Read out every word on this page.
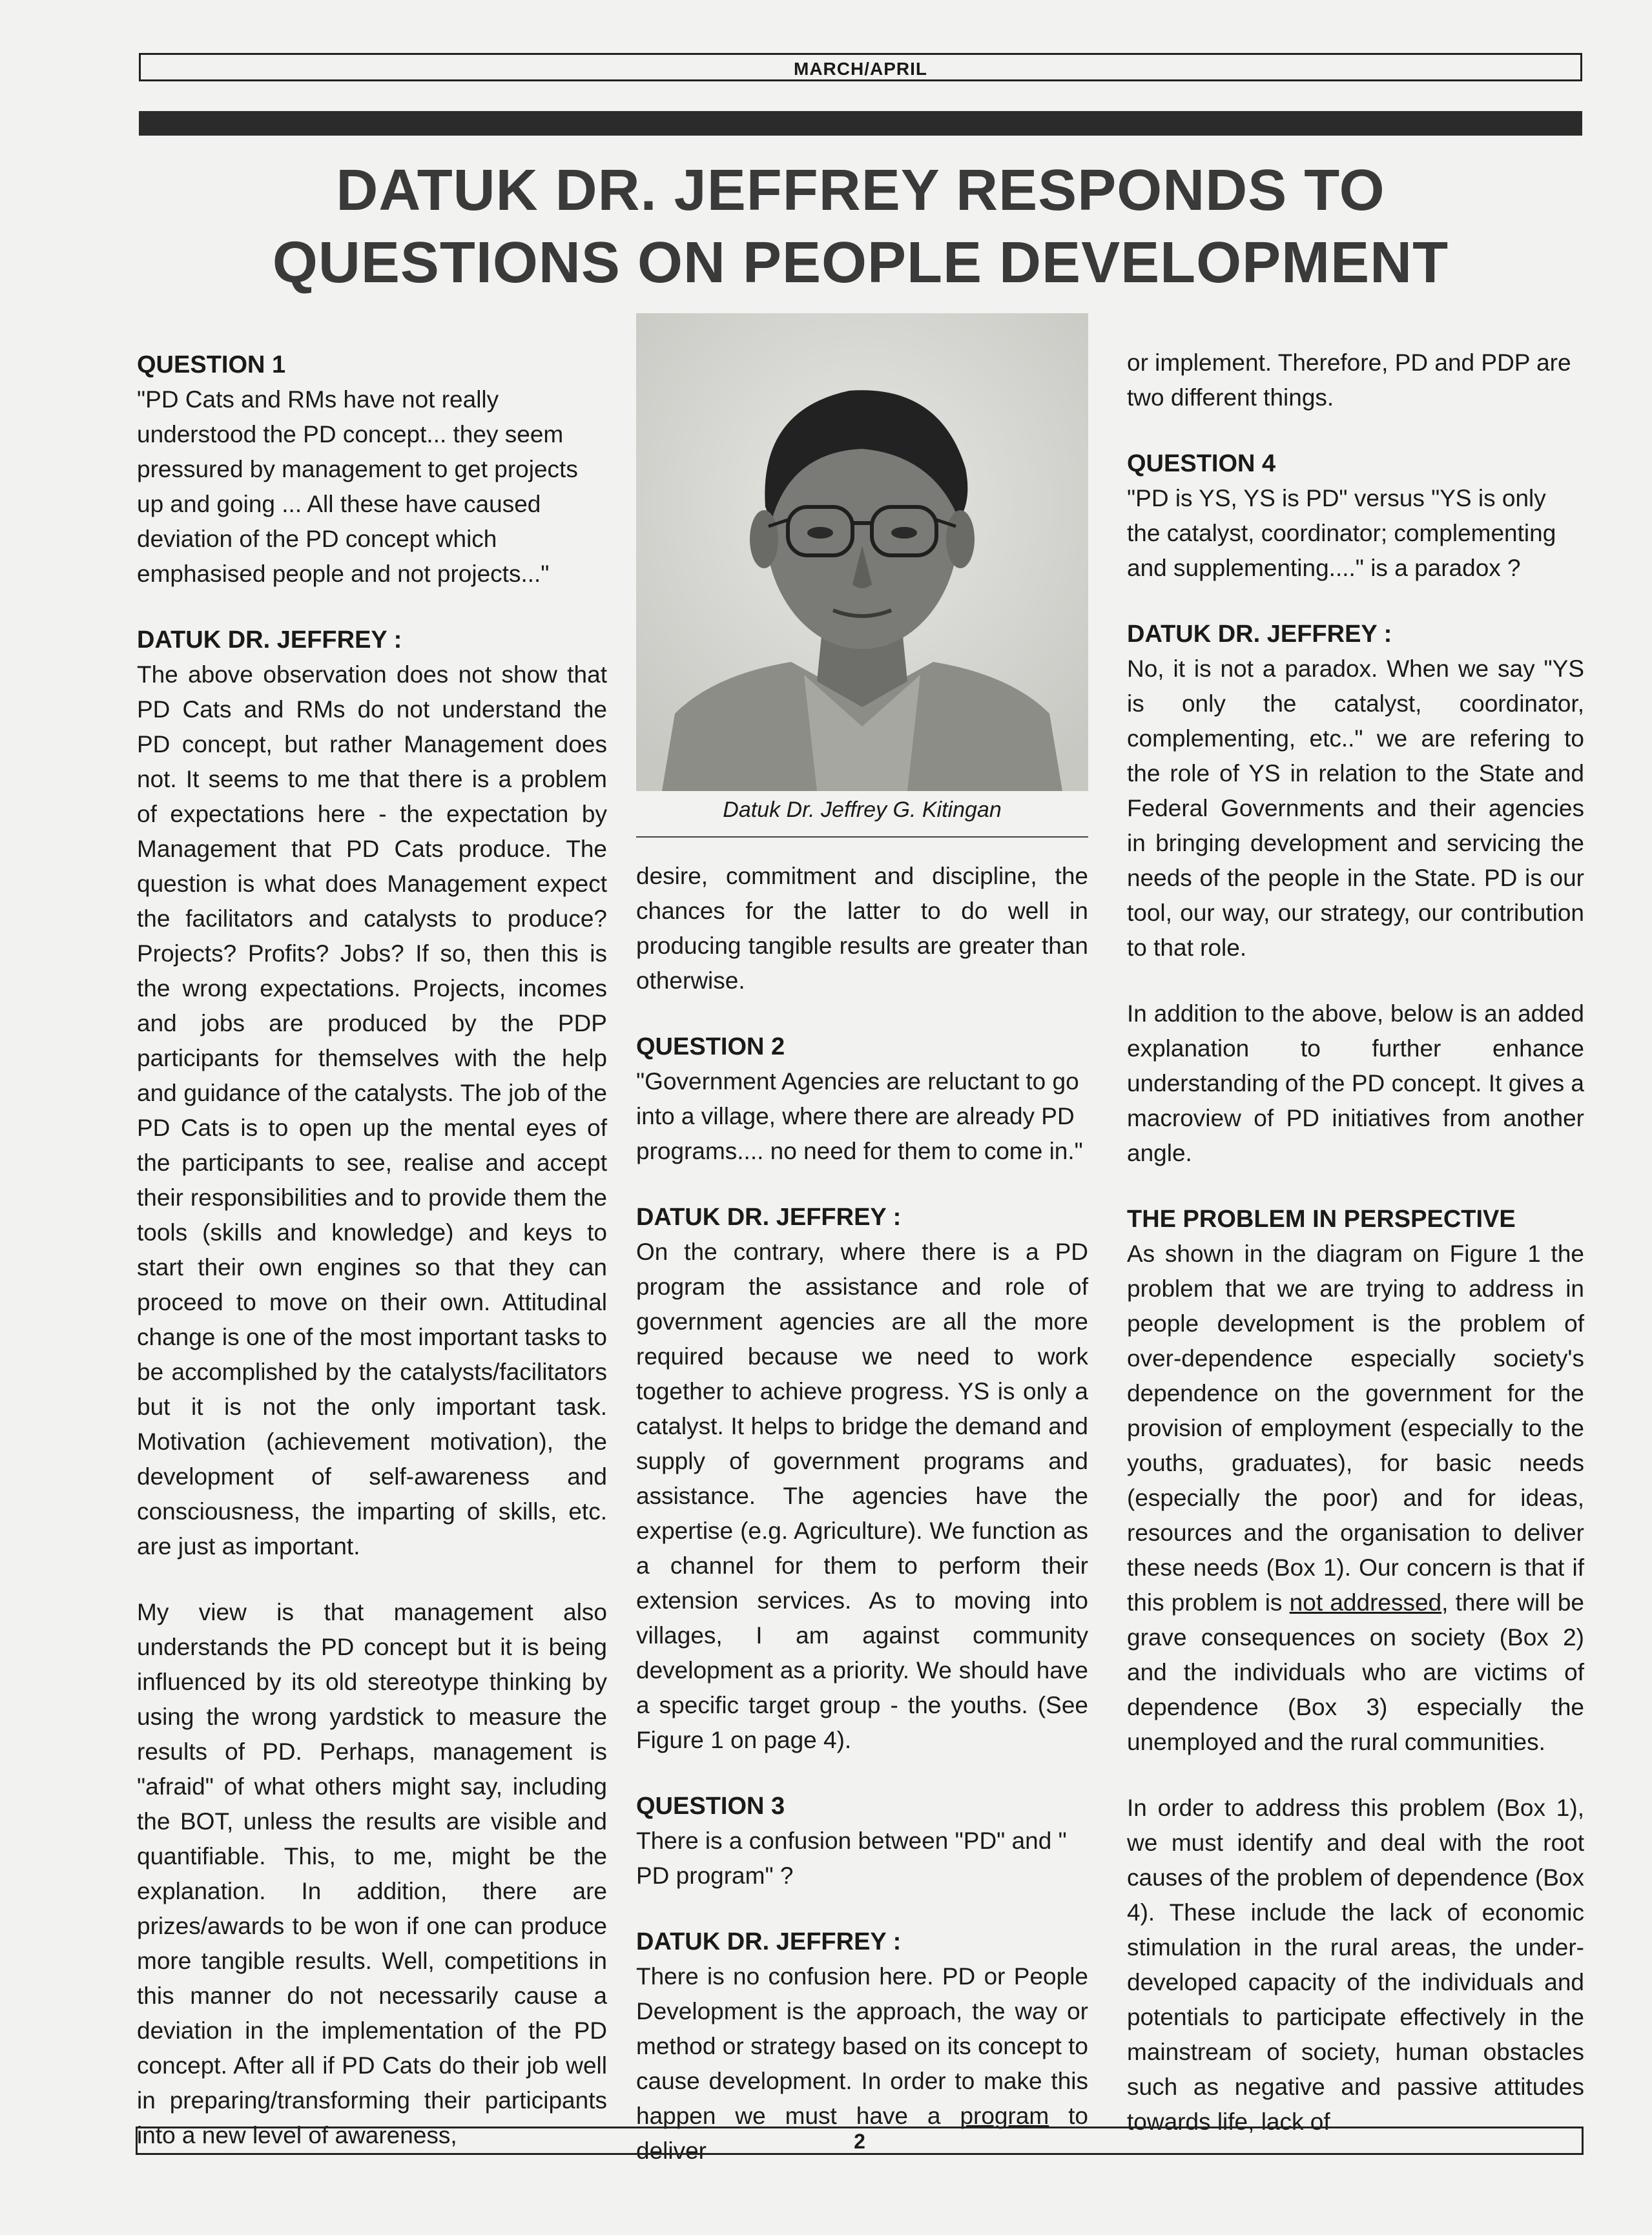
MARCH/APRIL
DATUK DR. JEFFREY RESPONDS TO
QUESTIONS ON PEOPLE DEVELOPMENT
QUESTION 1

"PD Cats and RMs have not really understood the PD concept... they seem pressured by management to get projects up and going ... All these have caused deviation of the PD concept which emphasised people and not projects..."

DATUK DR. JEFFREY :

The above observation does not show that PD Cats and RMs do not understand the PD concept, but rather Management does not. It seems to me that there is a problem of expectations here - the expectation by Management that PD Cats produce. The question is what does Management expect the facilitators and catalysts to produce? Projects? Profits? Jobs? If so, then this is the wrong expectations. Projects, incomes and jobs are produced by the PDP participants for themselves with the help and guidance of the catalysts. The job of the PD Cats is to open up the mental eyes of the participants to see, realise and accept their responsibilities and to provide them the tools (skills and knowledge) and keys to start their own engines so that they can proceed to move on their own. Attitudinal change is one of the most important tasks to be accomplished by the catalysts/facilitators but it is not the only important task. Motivation (achievement motivation), the development of self-awareness and consciousness, the imparting of skills, etc. are just as important.

My view is that management also understands the PD concept but it is being influenced by its old stereotype thinking by using the wrong yardstick to measure the results of PD. Perhaps, management is "afraid" of what others might say, including the BOT, unless the results are visible and quantifiable. This, to me, might be the explanation. In addition, there are prizes/awards to be won if one can produce more tangible results. Well, competitions in this manner do not necessarily cause a deviation in the implementation of the PD concept. After all if PD Cats do their job well in preparing/transforming their participants into a new level of awareness,

Datuk Dr. Jeffrey G. Kitingan

desire, commitment and discipline, the chances for the latter to do well in producing tangible results are greater than otherwise.

QUESTION 2

"Government Agencies are reluctant to go into a village, where there are already PD programs.... no need for them to come in."

DATUK DR. JEFFREY :

On the contrary, where there is a PD program the assistance and role of government agencies are all the more required because we need to work together to achieve progress. YS is only a catalyst. It helps to bridge the demand and supply of government programs and assistance. The agencies have the expertise (e.g. Agriculture). We function as a channel for them to perform their extension services. As to moving into villages, I am against community development as a priority. We should have a specific target group - the youths. (See Figure 1 on page 4).

QUESTION 3

There is a confusion between "PD" and " PD program" ?

DATUK DR. JEFFREY :

There is no confusion here. PD or People Development is the approach, the way or method or strategy based on its concept to cause development. In order to make this happen we must have a program to deliver

or implement. Therefore, PD and PDP are two different things.

QUESTION 4

"PD is YS, YS is PD" versus "YS is only the catalyst, coordinator; complementing and supplementing...." is a paradox ?

DATUK DR. JEFFREY :

No, it is not a paradox. When we say "YS is only the catalyst, coordinator, complementing, etc.." we are refering to the role of YS in relation to the State and Federal Governments and their agencies in bringing development and servicing the needs of the people in the State. PD is our tool, our way, our strategy, our contribution to that role.

In addition to the above, below is an added explanation to further enhance understanding of the PD concept. It gives a macroview of PD initiatives from another angle.

THE PROBLEM IN PERSPECTIVE

As shown in the diagram on Figure 1 the problem that we are trying to address in people development is the problem of over-dependence especially society's dependence on the government for the provision of employment (especially to the youths, graduates), for basic needs (especially the poor) and for ideas, resources and the organisation to deliver these needs (Box 1). Our concern is that if this problem is not addressed, there will be grave consequences on society (Box 2) and the individuals who are victims of dependence (Box 3) especially the unemployed and the rural communities.

In order to address this problem (Box 1), we must identify and deal with the root causes of the problem of dependence (Box 4). These include the lack of economic stimulation in the rural areas, the under- developed capacity of the individuals and potentials to participate effectively in the mainstream of society, human obstacles such as negative and passive attitudes towards life, lack of

2
